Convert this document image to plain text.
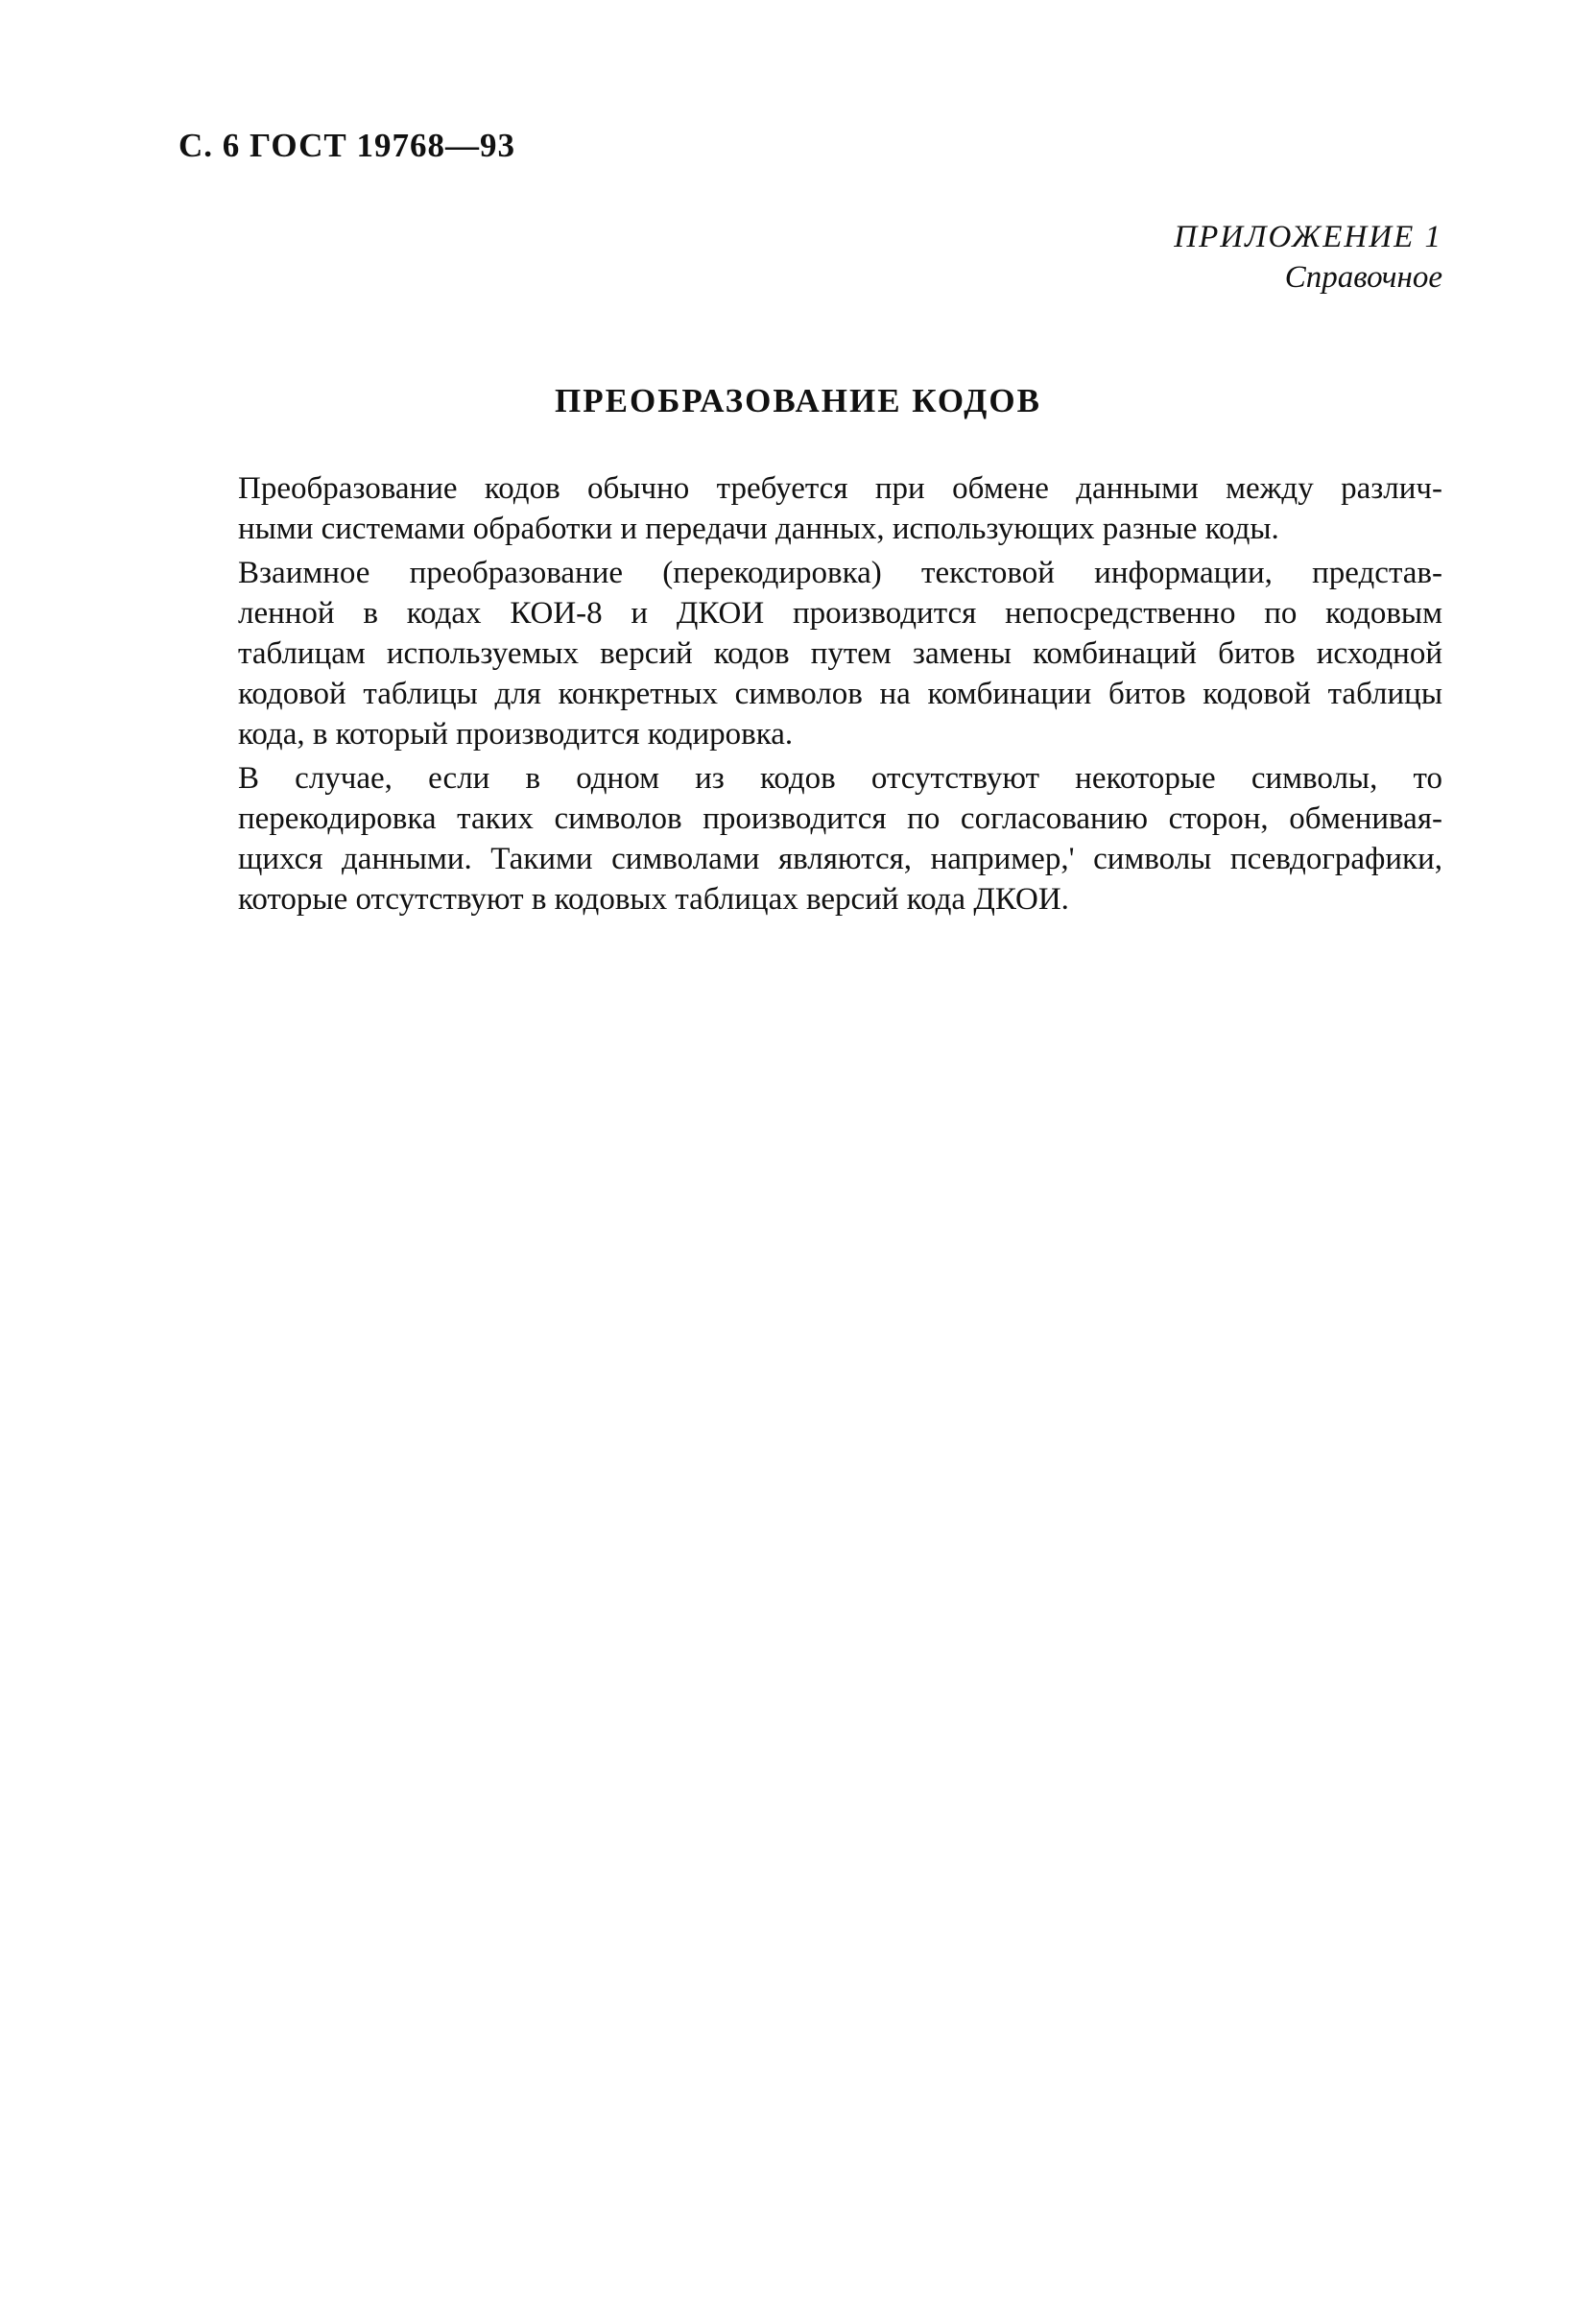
С. 6 ГОСТ 19768—93
ПРИЛОЖЕНИЕ 1
Справочное
ПРЕОБРАЗОВАНИЕ КОДОВ
Преобразование кодов обычно требуется при обмене данными между различ-
ными системами обработки и передачи данных, использующих разные коды.
Взаимное преобразование (перекодировка) текстовой информации, представ-
ленной в кодах КОИ-8 и ДКОИ производится непосредственно по кодовым
таблицам используемых версий кодов путем замены комбинаций битов исходной
кодовой таблицы для конкретных символов на комбинации битов кодовой таблицы
кода, в который производится кодировка.
В случае, если в одном из кодов отсутствуют некоторые символы, то
перекодировка таких символов производится по согласованию сторон, обменивая-
щихся данными. Такими символами являются, например,' символы псевдографики,
которые отсутствуют в кодовых таблицах версий кода ДКОИ.
